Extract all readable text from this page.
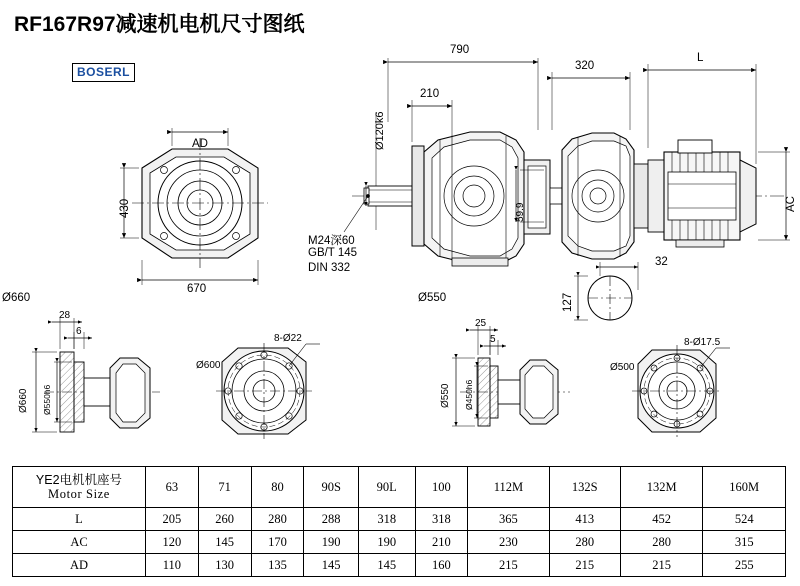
RF167R97减速机电机尺寸图纸
BOSERL
AD
430
670
790
320
L
210
Ø120k6
59.9	AC
M24深60
GB/T 145
DIN 332
Ø660	Ø550
32
127
28
6
Ø660 Ø550h6
Ø600
8-Ø22
25
5
Ø550 Ø450h6
Ø500
8-Ø17.5
YE2电机机座号
Motor Size	63	71	80	90S	90L	100	112M	132S	132M	160M
L	205	260	280	288	318	318	365	413	452	524
AC	120	145	170	190	190	210	230	280	280	315
AD	110	130	135	145	145	160	215	215	215	255
